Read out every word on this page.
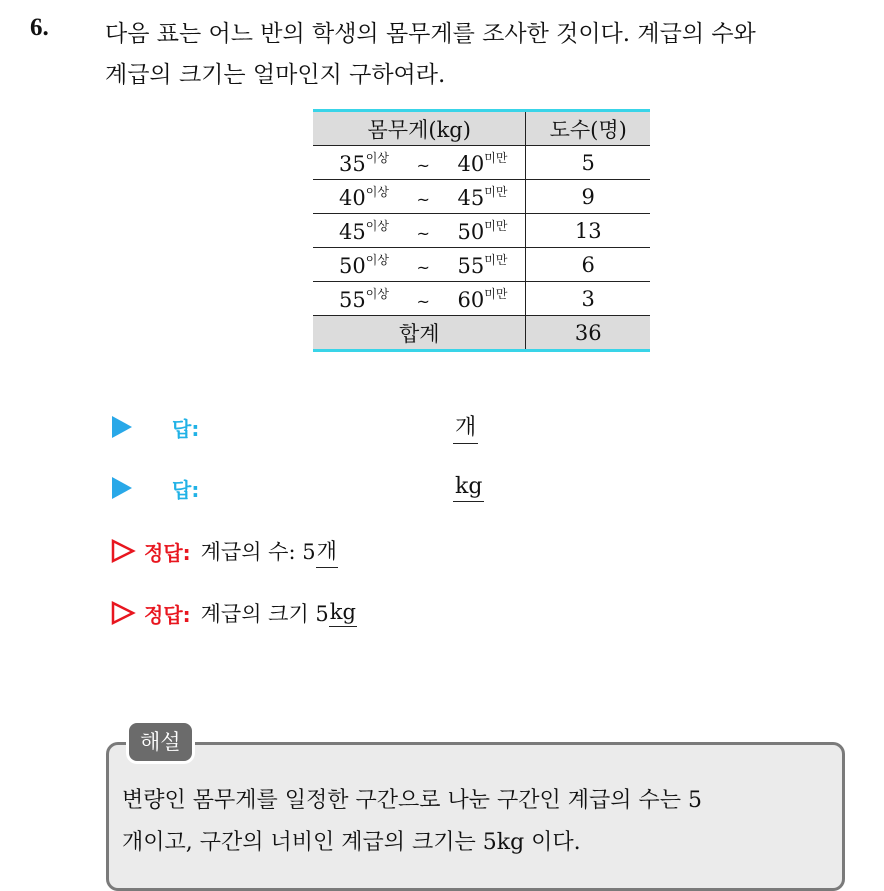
6. 다음 표는 어느 반의 학생의 몸무게를 조사한 것이다. 계급의 수와
계급의 크기는 얼마인지 구하여라.
몸무게(kg)	도수(명)

$35^{이상}$ ~ $40^{미만}$	5

$40^{이상}$ ~ $45^{미만}$	9

$45^{이상}$ ~ $50^{미만}$	13

$50^{이상}$ ~ $55^{미만}$	6

$55^{이상}$ ~ $60^{미만}$	3
합계	36
답:	개
답:	kg
정답: 계급의 수: 5 개
정답: 계급의 크기 5 kg
해설
변량인 몸무게를 일정한 구간으로 나눈 구간인 계급의 수는 5
개이고, 구간의 너비인 계급의 크기는 5kg 이다.
